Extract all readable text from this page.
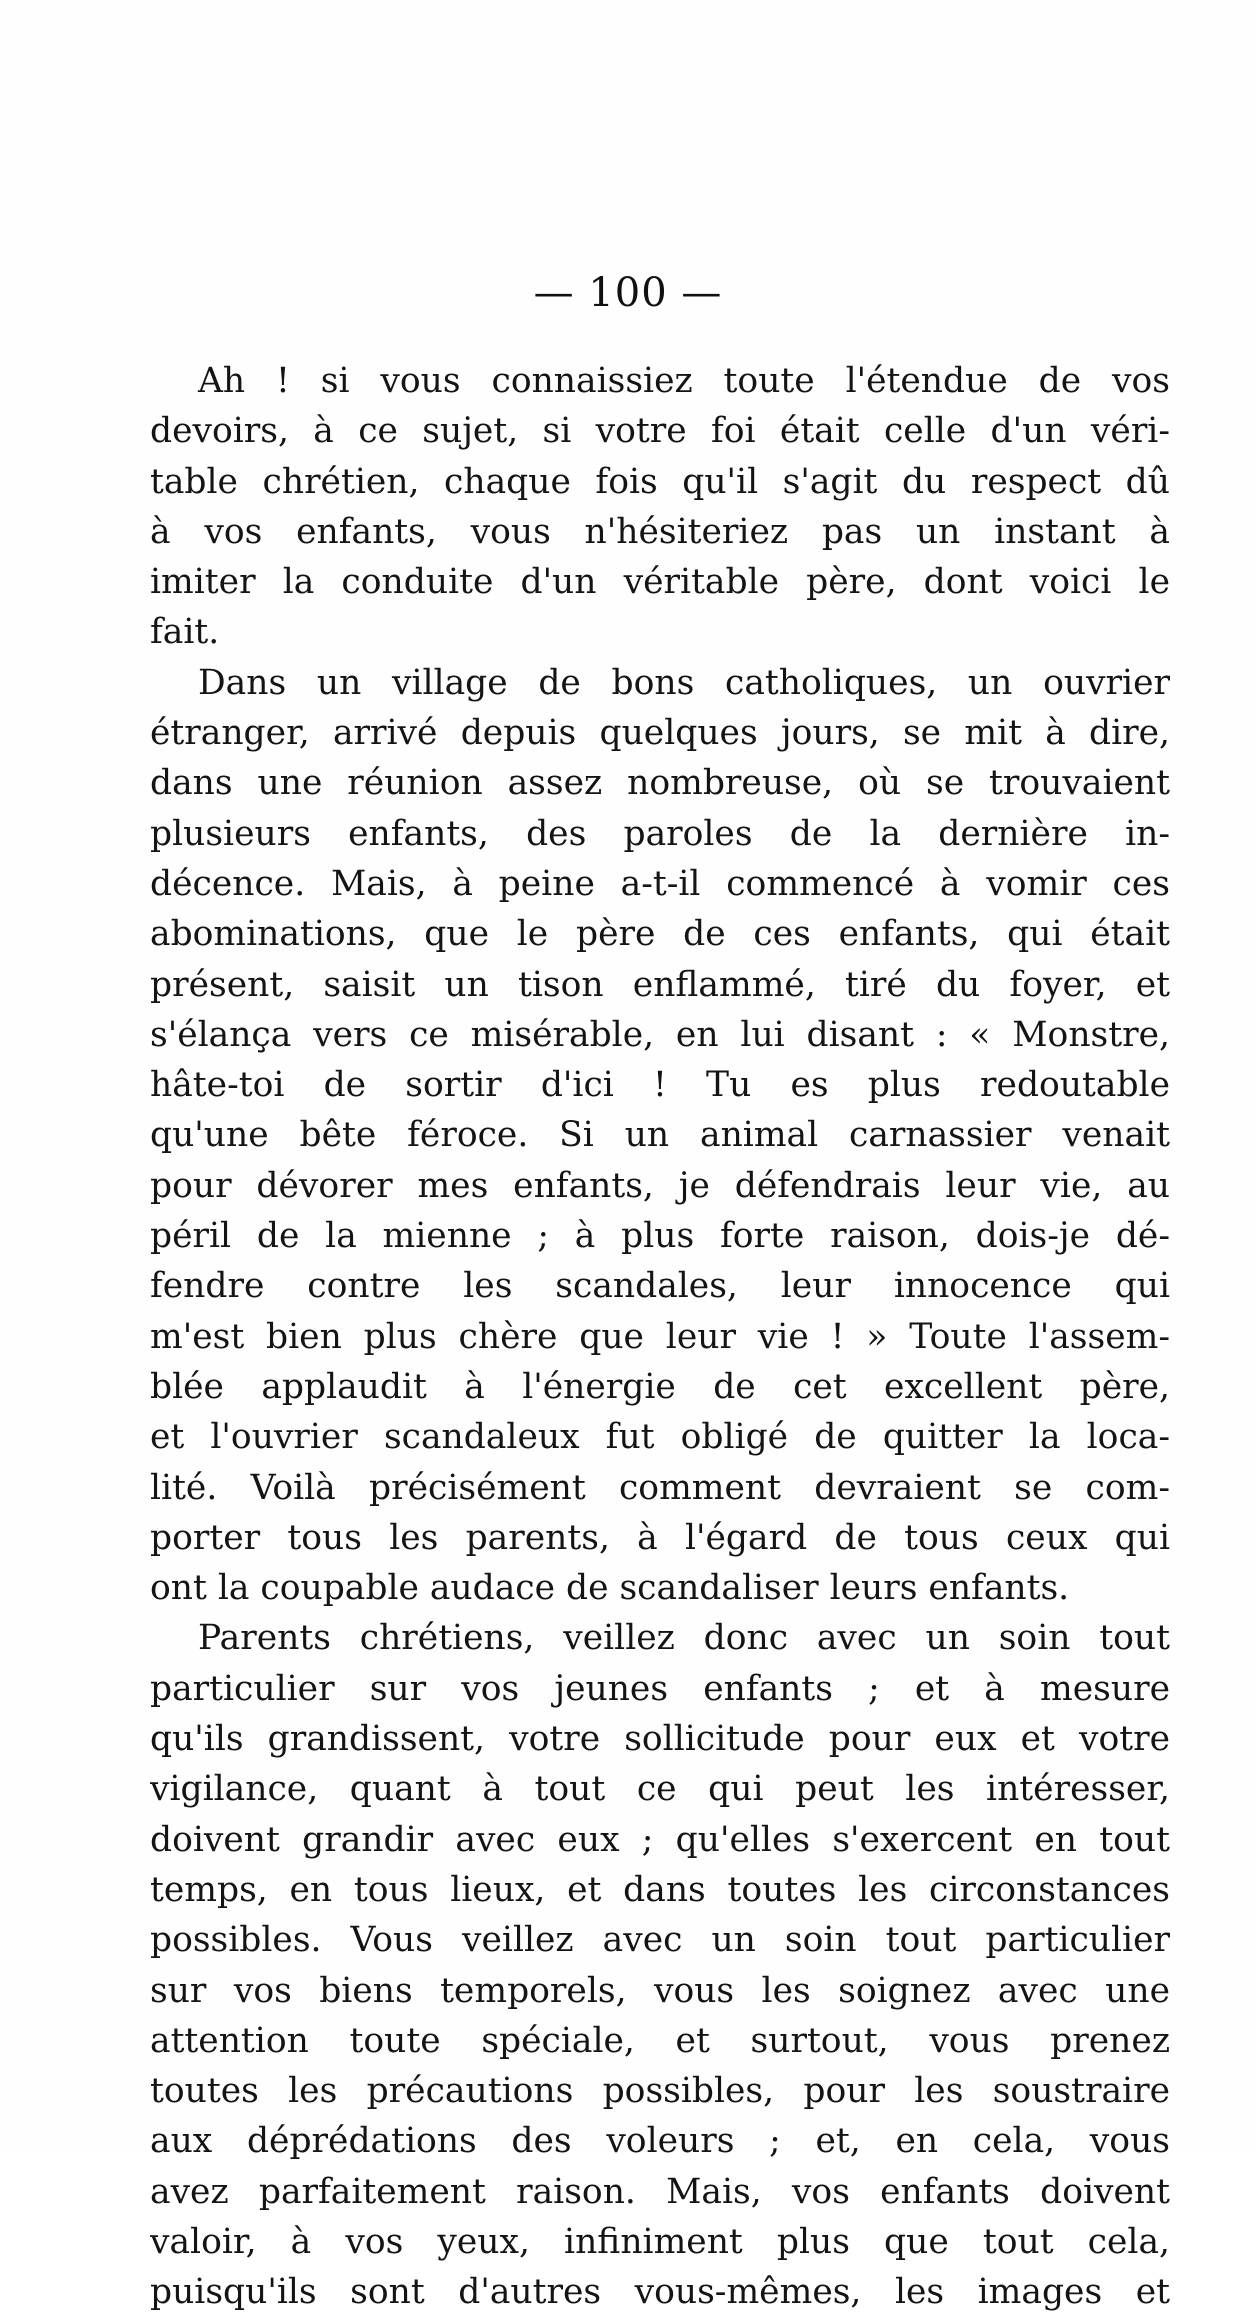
— 100 —
Ah ! si vous connaissiez toute l'étendue de vos
devoirs, à ce sujet, si votre foi était celle d'un véri-
table chrétien, chaque fois qu'il s'agit du respect dû
à vos enfants, vous n'hésiteriez pas un instant à
imiter la conduite d'un véritable père, dont voici le
fait.
Dans un village de bons catholiques, un ouvrier
étranger, arrivé depuis quelques jours, se mit à dire,
dans une réunion assez nombreuse, où se trouvaient
plusieurs enfants, des paroles de la dernière in-
décence. Mais, à peine a-t-il commencé à vomir ces
abominations, que le père de ces enfants, qui était
présent, saisit un tison enflammé, tiré du foyer, et
s'élança vers ce misérable, en lui disant : « Monstre,
hâte-toi de sortir d'ici ! Tu es plus redoutable
qu'une bête féroce. Si un animal carnassier venait
pour dévorer mes enfants, je défendrais leur vie, au
péril de la mienne ; à plus forte raison, dois-je dé-
fendre contre les scandales, leur innocence qui
m'est bien plus chère que leur vie ! » Toute l'assem-
blée applaudit à l'énergie de cet excellent père,
et l'ouvrier scandaleux fut obligé de quitter la loca-
lité. Voilà précisément comment devraient se com-
porter tous les parents, à l'égard de tous ceux qui
ont la coupable audace de scandaliser leurs enfants.
Parents chrétiens, veillez donc avec un soin tout
particulier sur vos jeunes enfants ; et à mesure
qu'ils grandissent, votre sollicitude pour eux et votre
vigilance, quant à tout ce qui peut les intéresser,
doivent grandir avec eux ; qu'elles s'exercent en tout
temps, en tous lieux, et dans toutes les circonstances
possibles. Vous veillez avec un soin tout particulier
sur vos biens temporels, vous les soignez avec une
attention toute spéciale, et surtout, vous prenez
toutes les précautions possibles, pour les soustraire
aux déprédations des voleurs ; et, en cela, vous
avez parfaitement raison. Mais, vos enfants doivent
valoir, à vos yeux, infiniment plus que tout cela,
puisqu'ils sont d'autres vous-mêmes, les images et
